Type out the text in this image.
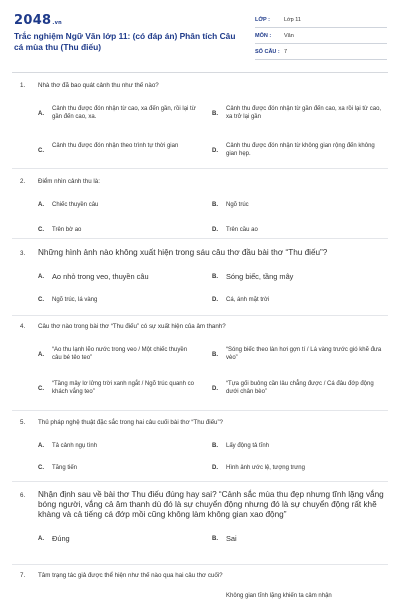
2048.vn
Trắc nghiệm Ngữ Văn lớp 11: (có đáp án) Phân tích Câu cá mùa thu (Thu điếu)
LỚP :	Lớp 11
MÔN : Văn
SỐ CÂU : 7
1. Nhà thơ đã bao quát cảnh thu như thế nào?
A.
Cảnh thu được đón nhận từ cao, xa đến gần, rồi lại từ gần đến cao, xa.
B.
Cảnh thu được đón nhận từ gần đến cao, xa rồi lại từ cao, xa trở lại gần
C.
Cảnh thu được đón nhận theo trình tự thời gian
D.
Cảnh thu được đón nhận từ không gian rộng đến không gian hẹp.
2. Điểm nhìn cảnh thu là:
A. Chiếc thuyền câu	B. Ngõ trúc
C. Trên bờ ao	D. Trên cầu ao
3. Những hình ảnh nào không xuất hiện trong sáu câu thơ đầu bài thơ “Thu điếu”?
A. Ao nhỏ trong veo, thuyền câu	B. Sóng biếc, tầng mây
C. Ngõ trúc, lá vàng	D. Cá, ánh mặt trời
4. Câu thơ nào trong bài thơ “Thu điếu” có sự xuất hiện của âm thanh?
A.
“Ao thu lạnh lẽo nước trong veo / Một chiếc thuyền câu bé tẻo teo”
B.
“Sóng biếc theo làn hơi gợn tí / Lá vàng trước gió khẽ đưa vèo”
C.
“Tầng mây lơ lửng trời xanh ngắt / Ngõ trúc quanh co khách vắng teo”
D.
“Tựa gối buông cần lâu chẳng được / Cá đâu đớp động dưới chân bèo”
5. Thủ pháp nghệ thuật đặc sắc trong hai câu cuối bài thơ “Thu điếu”?
A. Tả cảnh ngụ tình	B. Lấy động tả tĩnh
C. Tăng tiến	D. Hình ảnh ước lệ, tượng trưng
6. Nhận định sau về bài thơ Thu điếu đúng hay sai? “Cảnh sắc mùa thu đẹp nhưng tĩnh lặng vắng bóng người, vắng cả âm thanh dù đó là sự chuyển động nhưng đó là sự chuyển động rất khẽ khàng và cả tiếng cá đớp mồi cũng không làm không gian xao động”
A. Đúng	B. Sai
7. Tâm trạng tác giả được thể hiện như thế nào qua hai câu thơ cuối?
Không gian tĩnh lặng khiến ta cảm nhận
